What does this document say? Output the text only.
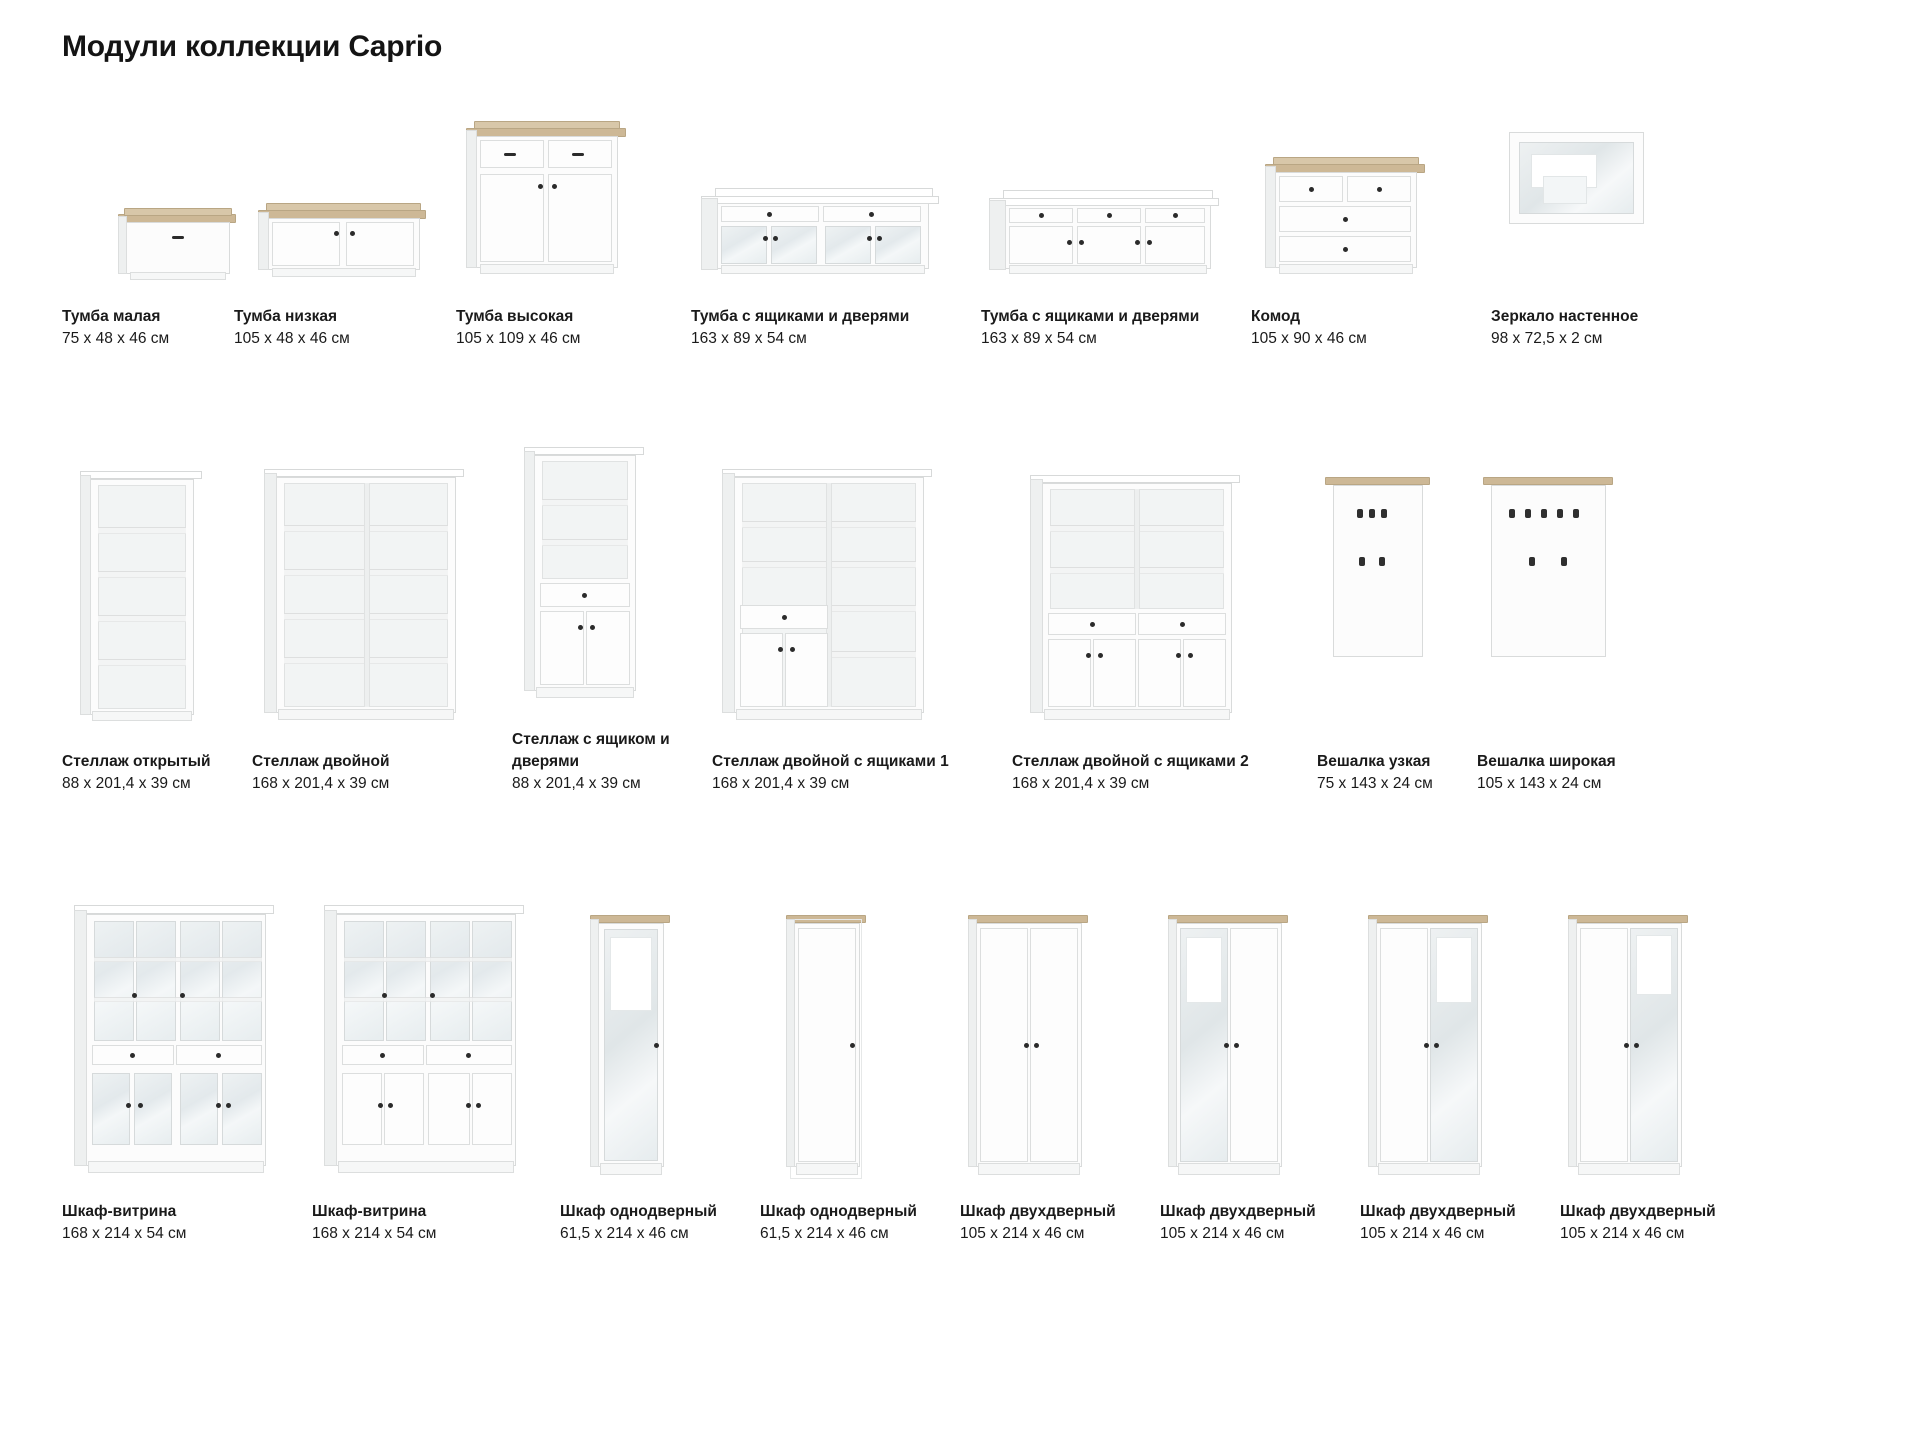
Модули коллекции Caprio
Тумба малая
75 x 48 x 46 см
Тумба низкая
105 x 48 x 46 см
Тумба высокая
105 x 109 x 46 см
Тумба с ящиками и дверями
163 x 89 x 54 см
Тумба с ящиками и дверями
163 x 89 x 54 см
Комод
105 x 90 x 46 см
Зеркало настенное
98 x 72,5 x 2 см
Стеллаж открытый
88 x 201,4 x 39 см
Стеллаж двойной
168 x 201,4 x 39 см
Стеллаж с ящиком и дверями
88 x 201,4 x 39 см
Стеллаж двойной с ящиками 1
168 x 201,4 x 39 см
Стеллаж двойной с ящиками 2
168 x 201,4 x 39 см
Вешалка узкая
75 x 143 x 24 см
Вешалка широкая
105 x 143 x 24 см
Шкаф-витрина
168 x 214 x 54 см
Шкаф-витрина
168 x 214 x 54 см
Шкаф однодверный
61,5 x 214 x 46 см
Шкаф однодверный
61,5 x 214 x 46 см
Шкаф двухдверный
105 x 214 x 46 см
Шкаф двухдверный
105 x 214 x 46 см
Шкаф двухдверный
105 x 214 x 46 см
Шкаф двухдверный
105 x 214 x 46 см
